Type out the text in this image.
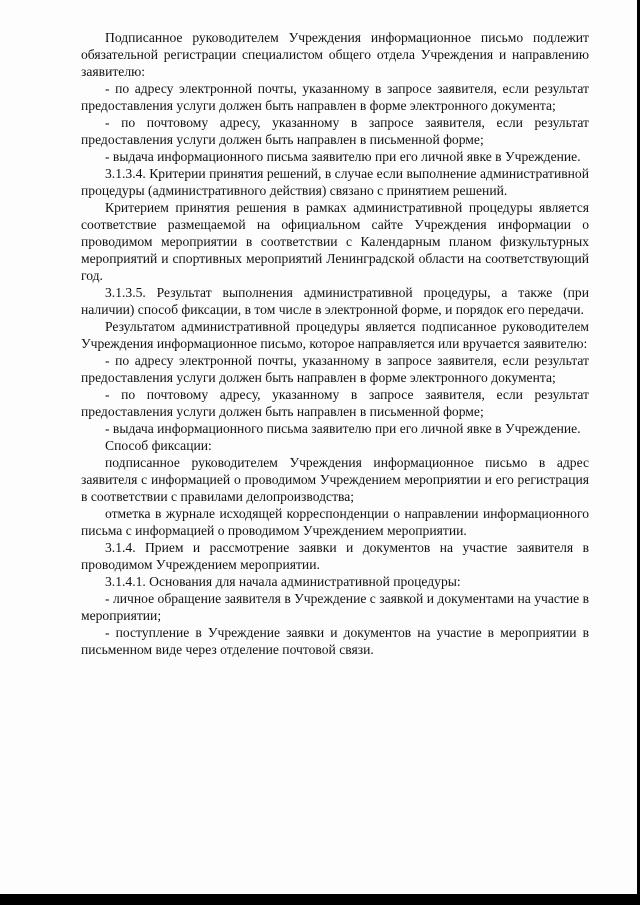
Подписанное руководителем Учреждения информационное письмо подлежит обязательной регистрации специалистом общего отдела Учреждения и направлению заявителю:

- по адресу электронной почты, указанному в запросе заявителя, если результат предоставления услуги должен быть направлен в форме электронного документа;

- по почтовому адресу, указанному в запросе заявителя, если результат предоставления услуги должен быть направлен в письменной форме;

- выдача информационного письма заявителю при его личной явке в Учреждение.

3.1.3.4. Критерии принятия решений, в случае если выполнение административной процедуры (административного действия) связано с принятием решений.

Критерием принятия решения в рамках административной процедуры является соответствие размещаемой на официальном сайте Учреждения информации о проводимом мероприятии в соответствии с Календарным планом физкультурных мероприятий и спортивных мероприятий Ленинградской области на соответствующий год.

3.1.3.5. Результат выполнения административной процедуры, а также (при наличии) способ фиксации, в том числе в электронной форме, и порядок его передачи.

Результатом административной процедуры является подписанное руководителем Учреждения информационное письмо, которое направляется или вручается заявителю:

- по адресу электронной почты, указанному в запросе заявителя, если результат предоставления услуги должен быть направлен в форме электронного документа;

- по почтовому адресу, указанному в запросе заявителя, если результат предоставления услуги должен быть направлен в письменной форме;

- выдача информационного письма заявителю при его личной явке в Учреждение.

Способ фиксации:

подписанное руководителем Учреждения информационное письмо в адрес заявителя с информацией о проводимом Учреждением мероприятии и его регистрация в соответствии с правилами делопроизводства;

отметка в журнале исходящей корреспонденции о направлении информационного письма с информацией о проводимом Учреждением мероприятии.

3.1.4. Прием и рассмотрение заявки и документов на участие заявителя в проводимом Учреждением мероприятии.

3.1.4.1. Основания для начала административной процедуры:

- личное обращение заявителя в Учреждение с заявкой и документами на участие в мероприятии;

- поступление в Учреждение заявки и документов на участие в мероприятии в письменном виде через отделение почтовой связи.
